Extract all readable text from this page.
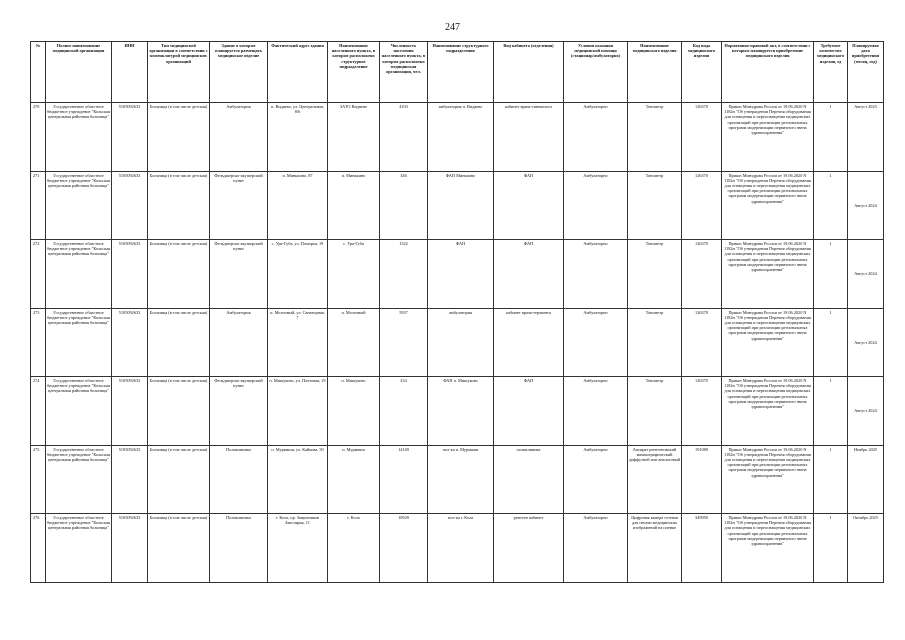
247
№	Полное наименование медицинской организации	ИНН	Тип медицинской организации в соответствии с номенклатурой медицинских организаций	Здание в котором планируется размещать медицинское изделие	Фактический адрес здания	Наименование населенного пункта, в котором расположено структурное подразделение	Численность населения населенного пункта, в котором расположено медицинская организация, чел.	Наименование структурного подразделения	Вид кабинета (отделения)	Условия оказания медицинской помощи (стационар/амбулаторно)	Наименование медицинского изделия	Код вида медицинского изделия	Нормативно-правовой акт, в соответствии с которым планируется приобретение медицинского изделия	Требуемое количество медицинского изделия, ед	Планируемая дата приобретения (месяц, год)
270	Государственное областное бюджетное учреждение "Кольская центральная районная больница"	5105092633	Больница (в том числе детская)	Амбулатория	п. Видяево, ул. Центральная, 8/6	ЗАТО Видяево	4103	амбулатория п. Видяево	кабинет врача-гинеколога	Амбулаторно	Тонометр	126370	Приказ Минздрава России от 19.06.2020 N 1182н "Об утверждении Перечня оборудования для оснащения и переоснащения медицинских организаций при реализации региональных программ модернизации первичного звена здравоохранения"	1	Август 2023
271	Государственное областное бюджетное учреждение "Кольская центральная районная больница"	5105092633	Больница (в том числе детская)	Фельдшерско-акушерский пункт	п. Минькино, 87	п. Минькино	346	ФАП Минькино	ФАП	Амбулаторно	Тонометр	126370	Приказ Минздрава России от 19.06.2020 N 1182н "Об утверждении Перечня оборудования для оснащения и переоснащения медицинских организаций при реализации региональных программ модернизации первичного звена здравоохранения"	1	Август 2024
272	Государственное областное бюджетное учреждение "Кольская центральная районная больница"	5105092633	Больница (в том числе детская)	Фельдшерско-акушерский пункт	с. Ура-Губа, ул. Поморья, 19	с. Ура-Губа	1522	ФАП	ФАП	Амбулаторно	Тонометр	126370	Приказ Минздрава России от 19.06.2020 N 1182н "Об утверждении Перечня оборудования для оснащения и переоснащения медицинских организаций при реализации региональных программ модернизации первичного звена здравоохранения"	1	Август 2024
273	Государственное областное бюджетное учреждение "Кольская центральная районная больница"	5105092633	Больница (в том числе детская)	Амбулатория	п. Молочный, ул. Санаторная, 7	п. Молочный	5937	амбулатория	кабинет врача-терапевта	Амбулаторно	Тонометр	126370	Приказ Минздрава России от 19.06.2020 N 1182н "Об утверждении Перечня оборудования для оснащения и переоснащения медицинских организаций при реализации региональных программ модернизации первичного звена здравоохранения"	1	Август 2024
274	Государственное областное бюджетное учреждение "Кольская центральная районная больница"	5105092633	Больница (в том числе детская)	Фельдшерско-акушерский пункт	п. Мишуково, ул. Почтовая, 19	п. Мишуково	234	ФАП п. Мишуково	ФАП	Амбулаторно	Тонометр	126370	Приказ Минздрава России от 19.06.2020 N 1182н "Об утверждении Перечня оборудования для оснащения и переоснащения медицинских организаций при реализации региональных программ модернизации первичного звена здравоохранения"	1	Август 2024
275	Государственное областное бюджетное учреждение "Кольская центральная районная больница"	5105092633	Больница (в том числе детская)	Поликлиника	п. Мурмаши, ул. Кайкова, 50	п. Мурмаши	14169	пол-ка п. Мурмаши	поликлиника	Амбулаторно	Аппарат рентгеновский маммографический диффузной или аналоговый	191080	Приказ Минздрава России от 19.06.2020 N 1182н "Об утверждении Перечня оборудования для оснащения и переоснащения медицинских организаций при реализации региональных программ модернизации первичного звена здравоохранения"	1	Ноябрь 2025
276	Государственное областное бюджетное учреждение "Кольская центральная районная больница"	5105092633	Больница (в том числе детская)	Поликлиника	г. Кола, пр. Защитников Заполярья, 11	г. Кола	10929	пол-ка г. Кола	рентген кабинет	Амбулаторно	Цифровая камера сетевая для печати медицинских изображений на пленке	349950	Приказ Минздрава России от 19.06.2020 N 1182н "Об утверждении Перечня оборудования для оснащения и переоснащения медицинских организаций при реализации региональных программ модернизации первичного звена здравоохранения"	1	Октябрь 2025
